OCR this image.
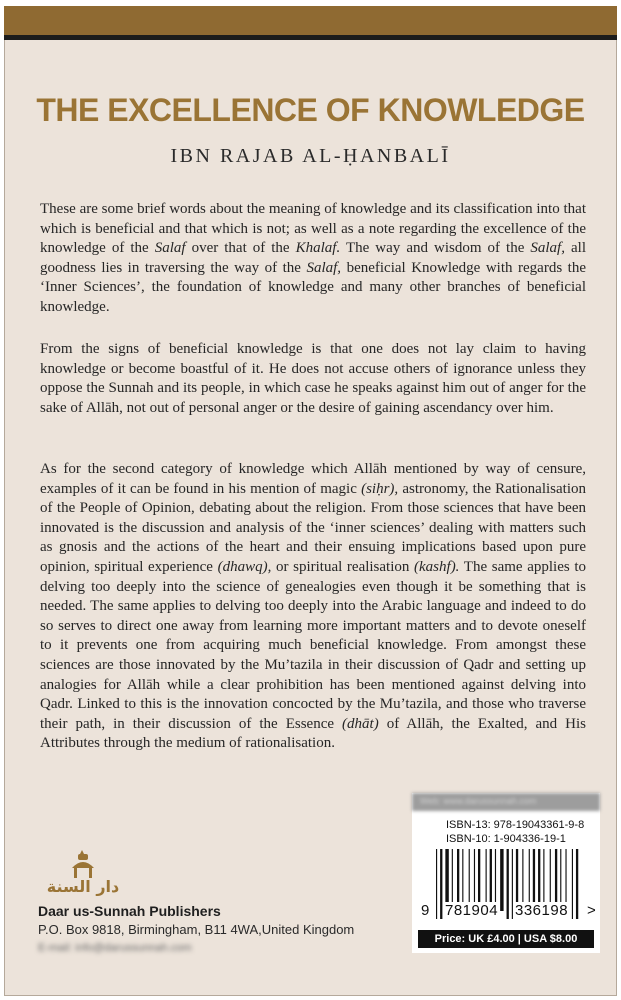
THE EXCELLENCE OF KNOWLEDGE
IBN RAJAB AL-ḤANBALĪ

These are some brief words about the meaning of knowledge and its classification into that which is beneficial and that which is not; as well as a note regarding the excellence of the knowledge of the Salaf over that of the Khalaf. The way and wisdom of the Salaf, all goodness lies in traversing the way of the Salaf, beneficial Knowledge with regards the ‘Inner Sciences’, the foundation of knowledge and many other branches of beneficial knowledge.

From the signs of beneficial knowledge is that one does not lay claim to having knowledge or become boastful of it. He does not accuse others of ignorance unless they oppose the Sunnah and its people, in which case he speaks against him out of anger for the sake of Allāh, not out of personal anger or the desire of gaining ascendancy over him.

As for the second category of knowledge which Allāh mentioned by way of censure, examples of it can be found in his mention of magic (siḥr), astronomy, the Rationalisation of the People of Opinion, debating about the religion. From those sciences that have been innovated is the discussion and analysis of the ‘inner sciences’ dealing with matters such as gnosis and the actions of the heart and their ensuing implications based upon pure opinion, spiritual experience (dhawq), or spiritual realisation (kashf). The same applies to delving too deeply into the science of genealogies even though it be something that is needed. The same applies to delving too deeply into the Arabic language and indeed to do so serves to direct one away from learning more important matters and to devote oneself to it prevents one from acquiring much beneficial knowledge. From amongst these sciences are those innovated by the Mu’tazila in their discussion of Qadr and setting up analogies for Allāh while a clear prohibition has been mentioned against delving into Qadr. Linked to this is the innovation concocted by the Mu’tazila, and those who traverse their path, in their discussion of the Essence (dhāt) of Allāh, the Exalted, and His Attributes through the medium of rationalisation.

دار السنة
Daar us-Sunnah Publishers
P.O. Box 9818, Birmingham, B11 4WA,United Kingdom
E-mail: info@darussunnah.com
Web: www.darussunnah.com
ISBN-13: 978-19043361-9-8
ISBN-10: 1-904336-19-1
9 781904 336198 >
Price: UK £4.00 | USA $8.00
